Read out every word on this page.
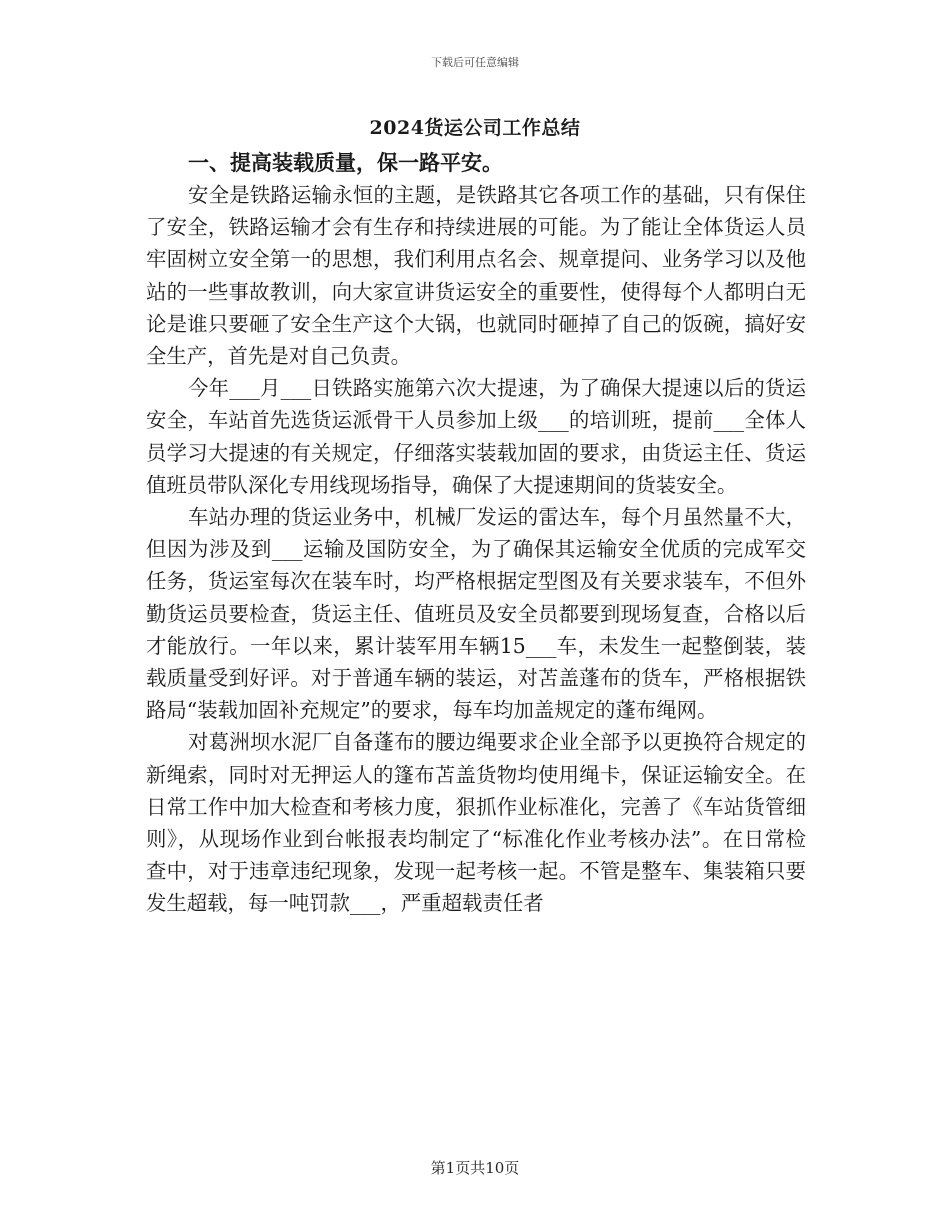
下载后可任意编辑
2024货运公司工作总结

一、提高装载质量，保一路平安。

安全是铁路运输永恒的主题，是铁路其它各项工作的基础，只有保住了安全，铁路运输才会有生存和持续进展的可能。为了能让全体货运人员牢固树立安全第一的思想，我们利用点名会、规章提问、业务学习以及他站的一些事故教训，向大家宣讲货运安全的重要性，使得每个人都明白无论是谁只要砸了安全生产这个大锅，也就同时砸掉了自己的饭碗，搞好安全生产，首先是对自己负责。

今年___月___日铁路实施第六次大提速，为了确保大提速以后的货运安全，车站首先选货运派骨干人员参加上级___的培训班，提前___全体人员学习大提速的有关规定，仔细落实装载加固的要求，由货运主任、货运值班员带队深化专用线现场指导，确保了大提速期间的货装安全。

车站办理的货运业务中，机械厂发运的雷达车，每个月虽然量不大，但因为涉及到___运输及国防安全，为了确保其运输安全优质的完成军交任务，货运室每次在装车时，均严格根据定型图及有关要求装车，不但外勤货运员要检查，货运主任、值班员及安全员都要到现场复查，合格以后才能放行。一年以来，累计装军用车辆15___车，未发生一起整倒装，装载质量受到好评。对于普通车辆的装运，对苫盖蓬布的货车，严格根据铁路局“装载加固补充规定”的要求，每车均加盖规定的蓬布绳网。

对葛洲坝水泥厂自备蓬布的腰边绳要求企业全部予以更换符合规定的新绳索，同时对无押运人的篷布苫盖货物均使用绳卡，保证运输安全。在日常工作中加大检查和考核力度，狠抓作业标准化，完善了《车站货管细则》，从现场作业到台帐报表均制定了“标准化作业考核办法”。在日常检查中，对于违章违纪现象，发现一起考核一起。不管是整车、集装箱只要发生超载，每一吨罚款___，严重超载责任者

第1页共10页
